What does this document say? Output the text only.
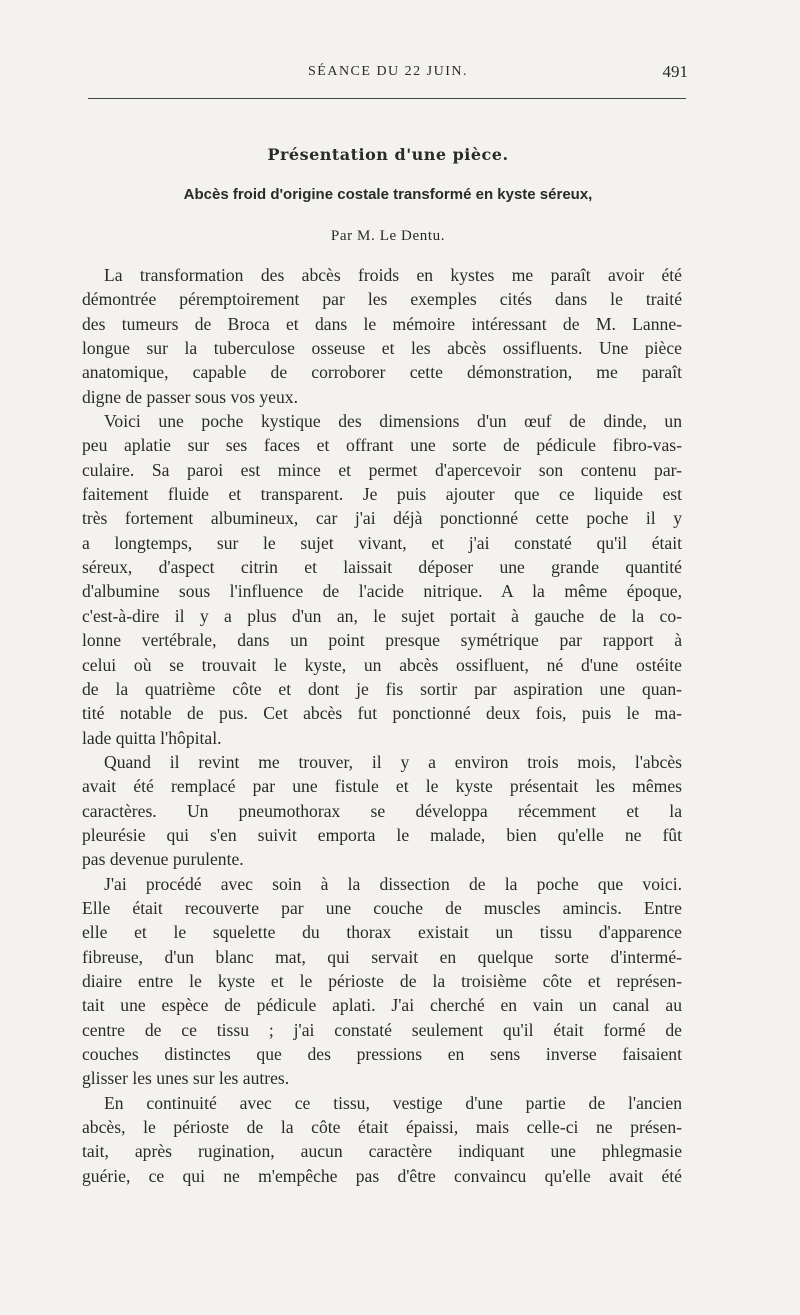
SÉANCE DU 22 JUIN.	491
Présentation d'une pièce.
Abcès froid d'origine costale transformé en kyste séreux,
Par M. Le Dentu.

La transformation des abcès froids en kystes me paraît avoir été
démontrée péremptoirement par les exemples cités dans le traité
des tumeurs de Broca et dans le mémoire intéressant de M. Lanne-
longue sur la tuberculose osseuse et les abcès ossifluents. Une pièce
anatomique, capable de corroborer cette démonstration, me paraît
digne de passer sous vos yeux.

Voici une poche kystique des dimensions d'un œuf de dinde, un
peu aplatie sur ses faces et offrant une sorte de pédicule fibro-vas-
culaire. Sa paroi est mince et permet d'apercevoir son contenu par-
faitement fluide et transparent. Je puis ajouter que ce liquide est
très fortement albumineux, car j'ai déjà ponctionné cette poche il y
a longtemps, sur le sujet vivant, et j'ai constaté qu'il était
séreux, d'aspect citrin et laissait déposer une grande quantité
d'albumine sous l'influence de l'acide nitrique. A la même époque,
c'est-à-dire il y a plus d'un an, le sujet portait à gauche de la co-
lonne vertébrale, dans un point presque symétrique par rapport à
celui où se trouvait le kyste, un abcès ossifluent, né d'une ostéite
de la quatrième côte et dont je fis sortir par aspiration une quan-
tité notable de pus. Cet abcès fut ponctionné deux fois, puis le ma-
lade quitta l'hôpital.

Quand il revint me trouver, il y a environ trois mois, l'abcès
avait été remplacé par une fistule et le kyste présentait les mêmes
caractères. Un pneumothorax se développa récemment et la
pleurésie qui s'en suivit emporta le malade, bien qu'elle ne fût
pas devenue purulente.

J'ai procédé avec soin à la dissection de la poche que voici.
Elle était recouverte par une couche de muscles amincis. Entre
elle et le squelette du thorax existait un tissu d'apparence
fibreuse, d'un blanc mat, qui servait en quelque sorte d'intermé-
diaire entre le kyste et le périoste de la troisième côte et représen-
tait une espèce de pédicule aplati. J'ai cherché en vain un canal au
centre de ce tissu ; j'ai constaté seulement qu'il était formé de
couches distinctes que des pressions en sens inverse faisaient
glisser les unes sur les autres.

En continuité avec ce tissu, vestige d'une partie de l'ancien
abcès, le périoste de la côte était épaissi, mais celle-ci ne présen-
tait, après rugination, aucun caractère indiquant une phlegmasie
guérie, ce qui ne m'empêche pas d'être convaincu qu'elle avait été
